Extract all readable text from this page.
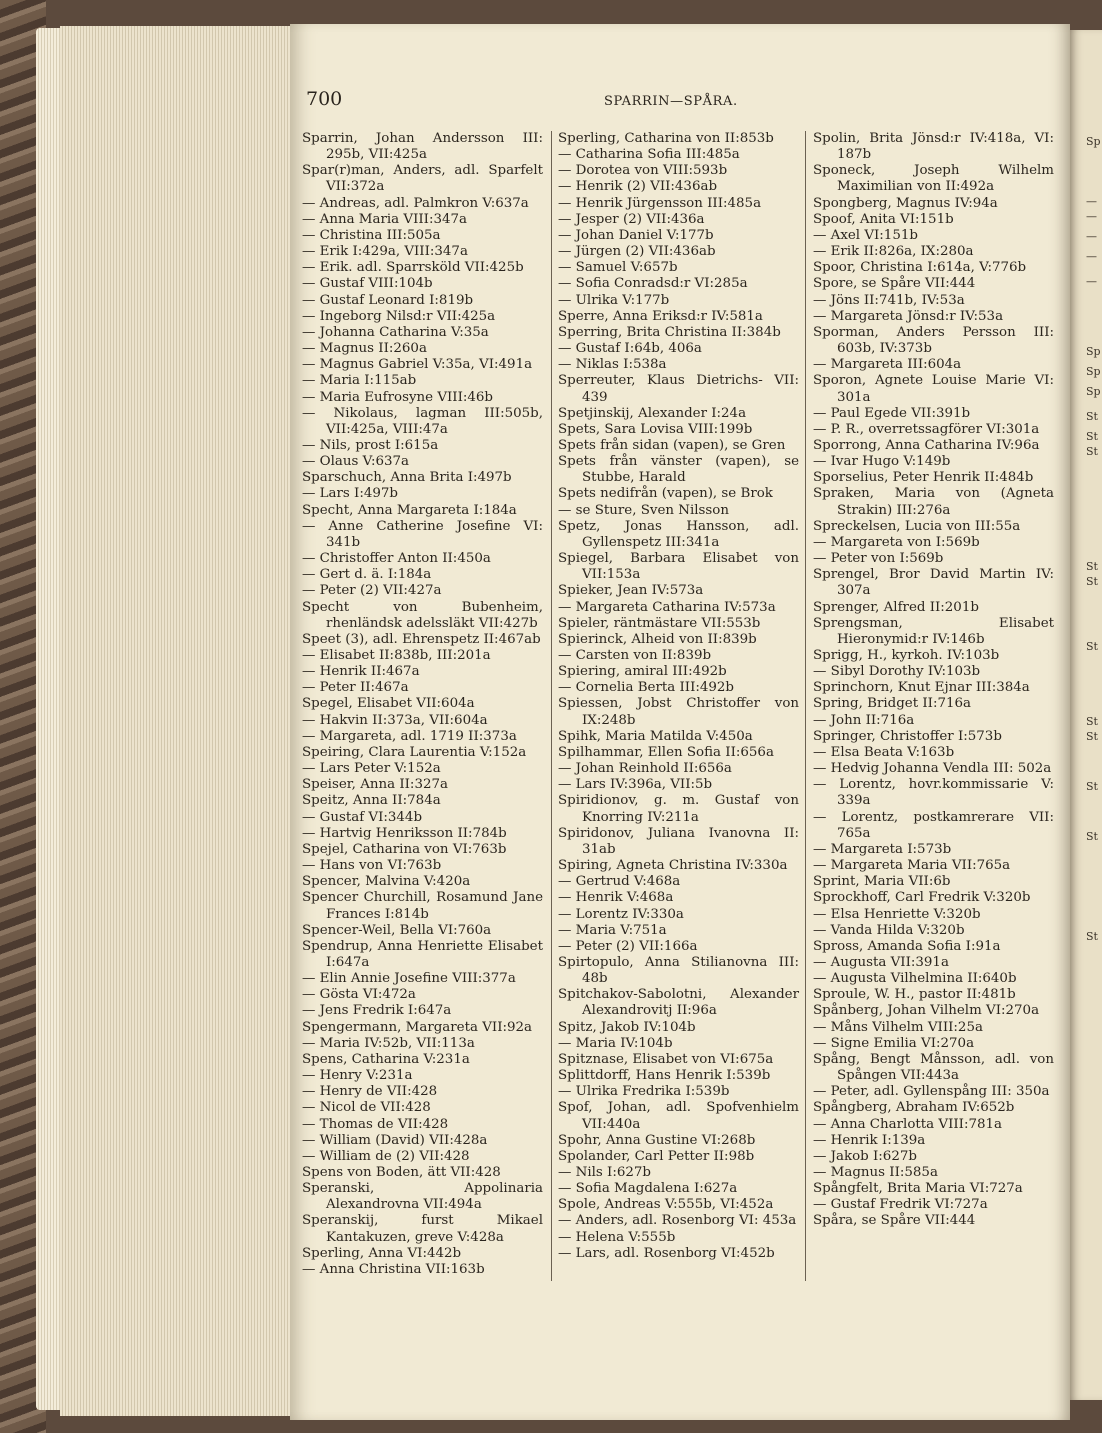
Sp
—
—
—
—
—
Sp
Sp
Sp
St
St
St
St
St
St
St
St
St
St
St
700	SPARRIN—SPÅRA.

Sparrin, Johan Andersson III: 295b, VII:425a

Spar(r)man, Anders, adl. Sparfelt VII:372a

— Andreas, adl. Palmkron V:637a

— Anna Maria VIII:347a

— Christina III:505a

— Erik I:429a, VIII:347a

— Erik. adl. Sparrsköld VII:425b

— Gustaf VIII:104b

— Gustaf Leonard I:819b

— Ingeborg Nilsd:r VII:425a

— Johanna Catharina V:35a

— Magnus II:260a

— Magnus Gabriel V:35a, VI:491a

— Maria I:115ab

— Maria Eufrosyne VIII:46b

— Nikolaus, lagman III:505b, VII:425a, VIII:47a

— Nils, prost I:615a

— Olaus V:637a

Sparschuch, Anna Brita I:497b

— Lars I:497b

Specht, Anna Margareta I:184a

— Anne Catherine Josefine VI: 341b

— Christoffer Anton II:450a

— Gert d. ä. I:184a

— Peter (2) VII:427a

Specht von Bubenheim, rhenländsk adelssläkt VII:427b

Speet (3), adl. Ehrenspetz II:467ab

— Elisabet II:838b, III:201a

— Henrik II:467a

— Peter II:467a

Spegel, Elisabet VII:604a

— Hakvin II:373a, VII:604a

— Margareta, adl. 1719 II:373a

Speiring, Clara Laurentia V:152a

— Lars Peter V:152a

Speiser, Anna II:327a

Speitz, Anna II:784a

— Gustaf VI:344b

— Hartvig Henriksson II:784b

Spejel, Catharina von VI:763b

— Hans von VI:763b

Spencer, Malvina V:420a

Spencer Churchill, Rosamund Jane Frances I:814b

Spencer-Weil, Bella VI:760a

Spendrup, Anna Henriette Elisabet I:647a

— Elin Annie Josefine VIII:377a

— Gösta VI:472a

— Jens Fredrik I:647a

Spengermann, Margareta VII:92a

— Maria IV:52b, VII:113a

Spens, Catharina V:231a

— Henry V:231a

— Henry de VII:428

— Nicol de VII:428

— Thomas de VII:428

— William (David) VII:428a

— William de (2) VII:428

Spens von Boden, ätt VII:428

Speranski, Appolinaria Alexandrovna VII:494a

Speranskij, furst Mikael Kantakuzen, greve V:428a

Sperling, Anna VI:442b

— Anna Christina VII:163b

Sperling, Catharina von II:853b

— Catharina Sofia III:485a

— Dorotea von VIII:593b

— Henrik (2) VII:436ab

— Henrik Jürgensson III:485a

— Jesper (2) VII:436a

— Johan Daniel V:177b

— Jürgen (2) VII:436ab

— Samuel V:657b

— Sofia Conradsd:r VI:285a

— Ulrika V:177b

Sperre, Anna Eriksd:r IV:581a

Sperring, Brita Christina II:384b

— Gustaf I:64b, 406a

— Niklas I:538a

Sperreuter, Klaus Dietrichs- VII: 439

Spetjinskij, Alexander I:24a

Spets, Sara Lovisa VIII:199b

Spets från sidan (vapen), se Gren

Spets från vänster (vapen), se Stubbe, Harald

Spets nedifrån (vapen), se Brok

— se Sture, Sven Nilsson

Spetz, Jonas Hansson, adl. Gyllenspetz III:341a

Spiegel, Barbara Elisabet von VII:153a

Spieker, Jean IV:573a

— Margareta Catharina IV:573a

Spieler, räntmästare VII:553b

Spierinck, Alheid von II:839b

— Carsten von II:839b

Spiering, amiral III:492b

— Cornelia Berta III:492b

Spiessen, Jobst Christoffer von IX:248b

Spihk, Maria Matilda V:450a

Spilhammar, Ellen Sofia II:656a

— Johan Reinhold II:656a

— Lars IV:396a, VII:5b

Spiridionov, g. m. Gustaf von Knorring IV:211a

Spiridonov, Juliana Ivanovna II: 31ab

Spiring, Agneta Christina IV:330a

— Gertrud V:468a

— Henrik V:468a

— Lorentz IV:330a

— Maria V:751a

— Peter (2) VII:166a

Spirtopulo, Anna Stilianovna III: 48b

Spitchakov-Sabolotni, Alexander Alexandrovitj II:96a

Spitz, Jakob IV:104b

— Maria IV:104b

Spitznase, Elisabet von VI:675a

Splittdorff, Hans Henrik I:539b

— Ulrika Fredrika I:539b

Spof, Johan, adl. Spofvenhielm VII:440a

Spohr, Anna Gustine VI:268b

Spolander, Carl Petter II:98b

— Nils I:627b

— Sofia Magdalena I:627a

Spole, Andreas V:555b, VI:452a

— Anders, adl. Rosenborg VI: 453a

— Helena V:555b

— Lars, adl. Rosenborg VI:452b

Spolin, Brita Jönsd:r IV:418a, VI: 187b

Sponeck, Joseph Wilhelm Maximilian von II:492a

Spongberg, Magnus IV:94a

Spoof, Anita VI:151b

— Axel VI:151b

— Erik II:826a, IX:280a

Spoor, Christina I:614a, V:776b

Spore, se Spåre VII:444

— Jöns II:741b, IV:53a

— Margareta Jönsd:r IV:53a

Sporman, Anders Persson III: 603b, IV:373b

— Margareta III:604a

Sporon, Agnete Louise Marie VI: 301a

— Paul Egede VII:391b

— P. R., overretssagförer VI:301a

Sporrong, Anna Catharina IV:96a

— Ivar Hugo V:149b

Sporselius, Peter Henrik II:484b

Spraken, Maria von (Agneta Strakin) III:276a

Spreckelsen, Lucia von III:55a

— Margareta von I:569b

— Peter von I:569b

Sprengel, Bror David Martin IV: 307a

Sprenger, Alfred II:201b

Sprengsman, Elisabet Hieronymid:r IV:146b

Sprigg, H., kyrkoh. IV:103b

— Sibyl Dorothy IV:103b

Sprinchorn, Knut Ejnar III:384a

Spring, Bridget II:716a

— John II:716a

Springer, Christoffer I:573b

— Elsa Beata V:163b

— Hedvig Johanna Vendla III: 502a

— Lorentz, hovr.kommissarie V: 339a

— Lorentz, postkamrerare VII: 765a

— Margareta I:573b

— Margareta Maria VII:765a

Sprint, Maria VII:6b

Sprockhoff, Carl Fredrik V:320b

— Elsa Henriette V:320b

— Vanda Hilda V:320b

Spross, Amanda Sofia I:91a

— Augusta VII:391a

— Augusta Vilhelmina II:640b

Sproule, W. H., pastor II:481b

Spånberg, Johan Vilhelm VI:270a

— Måns Vilhelm VIII:25a

— Signe Emilia VI:270a

Spång, Bengt Månsson, adl. von Spången VII:443a

— Peter, adl. Gyllenspång III: 350a

Spångberg, Abraham IV:652b

— Anna Charlotta VIII:781a

— Henrik I:139a

— Jakob I:627b

— Magnus II:585a

Spångfelt, Brita Maria VI:727a

— Gustaf Fredrik VI:727a

Spåra, se Spåre VII:444
